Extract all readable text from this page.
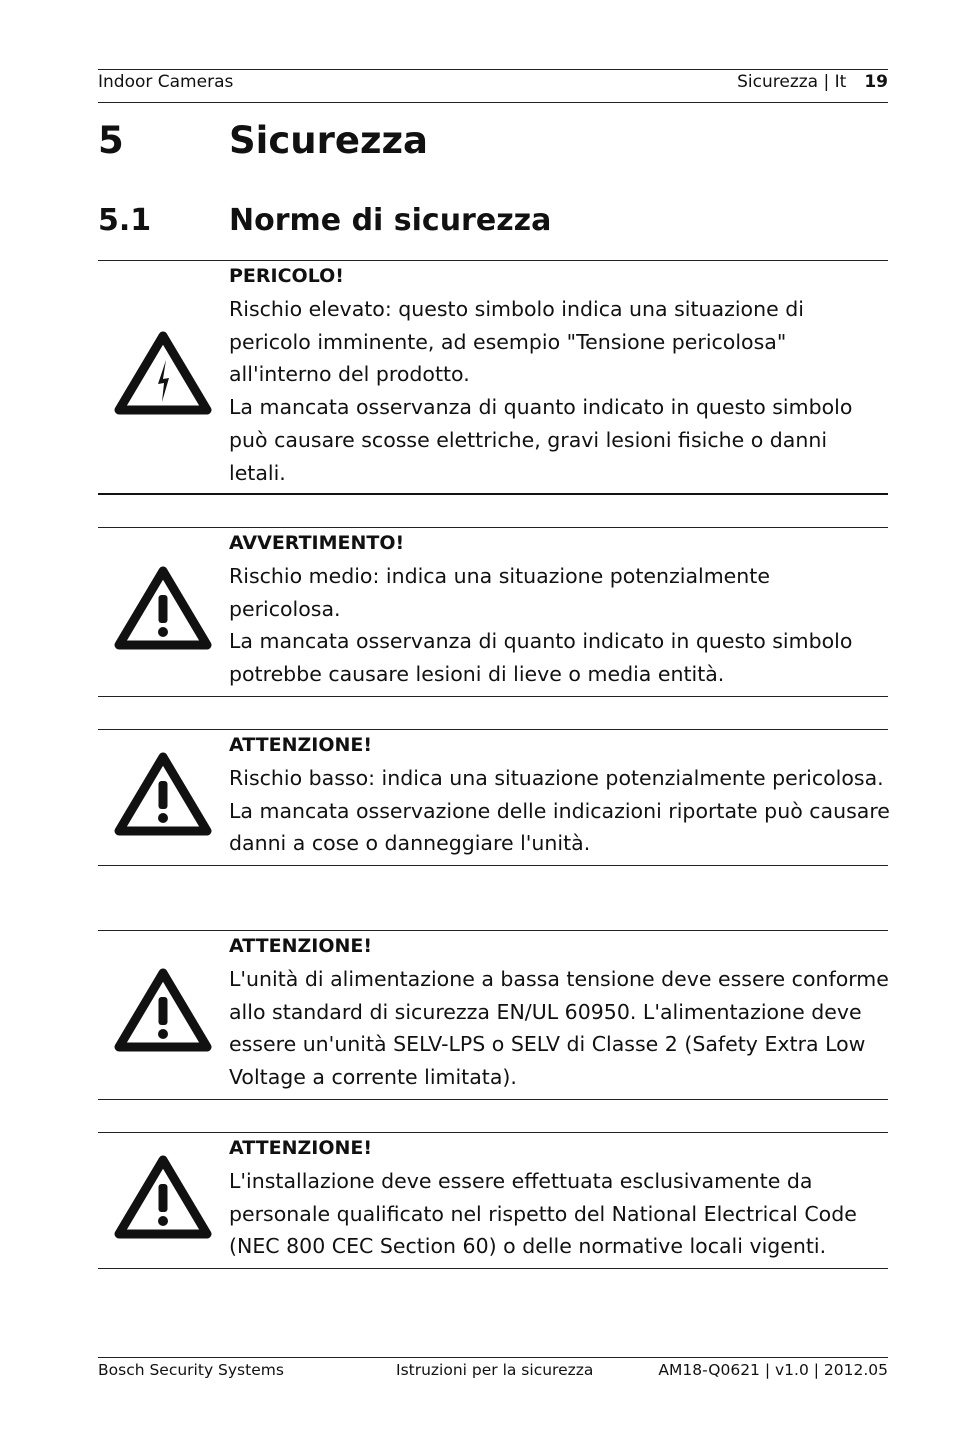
Indoor Cameras	Sicurezza | It 19
5	Sicurezza
5.1	Norme di sicurezza

PERICOLO!

Rischio elevato: questo simbolo indica una situazione di

pericolo imminente, ad esempio "Tensione pericolosa"

all'interno del prodotto.

La mancata osservanza di quanto indicato in questo simbolo

può causare scosse elettriche, gravi lesioni fisiche o danni

letali.

AVVERTIMENTO!

Rischio medio: indica una situazione potenzialmente

pericolosa.

La mancata osservanza di quanto indicato in questo simbolo

potrebbe causare lesioni di lieve o media entità.

ATTENZIONE!

Rischio basso: indica una situazione potenzialmente pericolosa.

La mancata osservazione delle indicazioni riportate può causare

danni a cose o danneggiare l'unità.

ATTENZIONE!

L'unità di alimentazione a bassa tensione deve essere conforme

allo standard di sicurezza EN/UL 60950. L'alimentazione deve

essere un'unità SELV-LPS o SELV di Classe 2 (Safety Extra Low

Voltage a corrente limitata).

ATTENZIONE!

L'installazione deve essere effettuata esclusivamente da

personale qualificato nel rispetto del National Electrical Code

(NEC 800 CEC Section 60) o delle normative locali vigenti.

Bosch Security Systems	Istruzioni per la sicurezza	AM18-Q0621 | v1.0 | 2012.05
